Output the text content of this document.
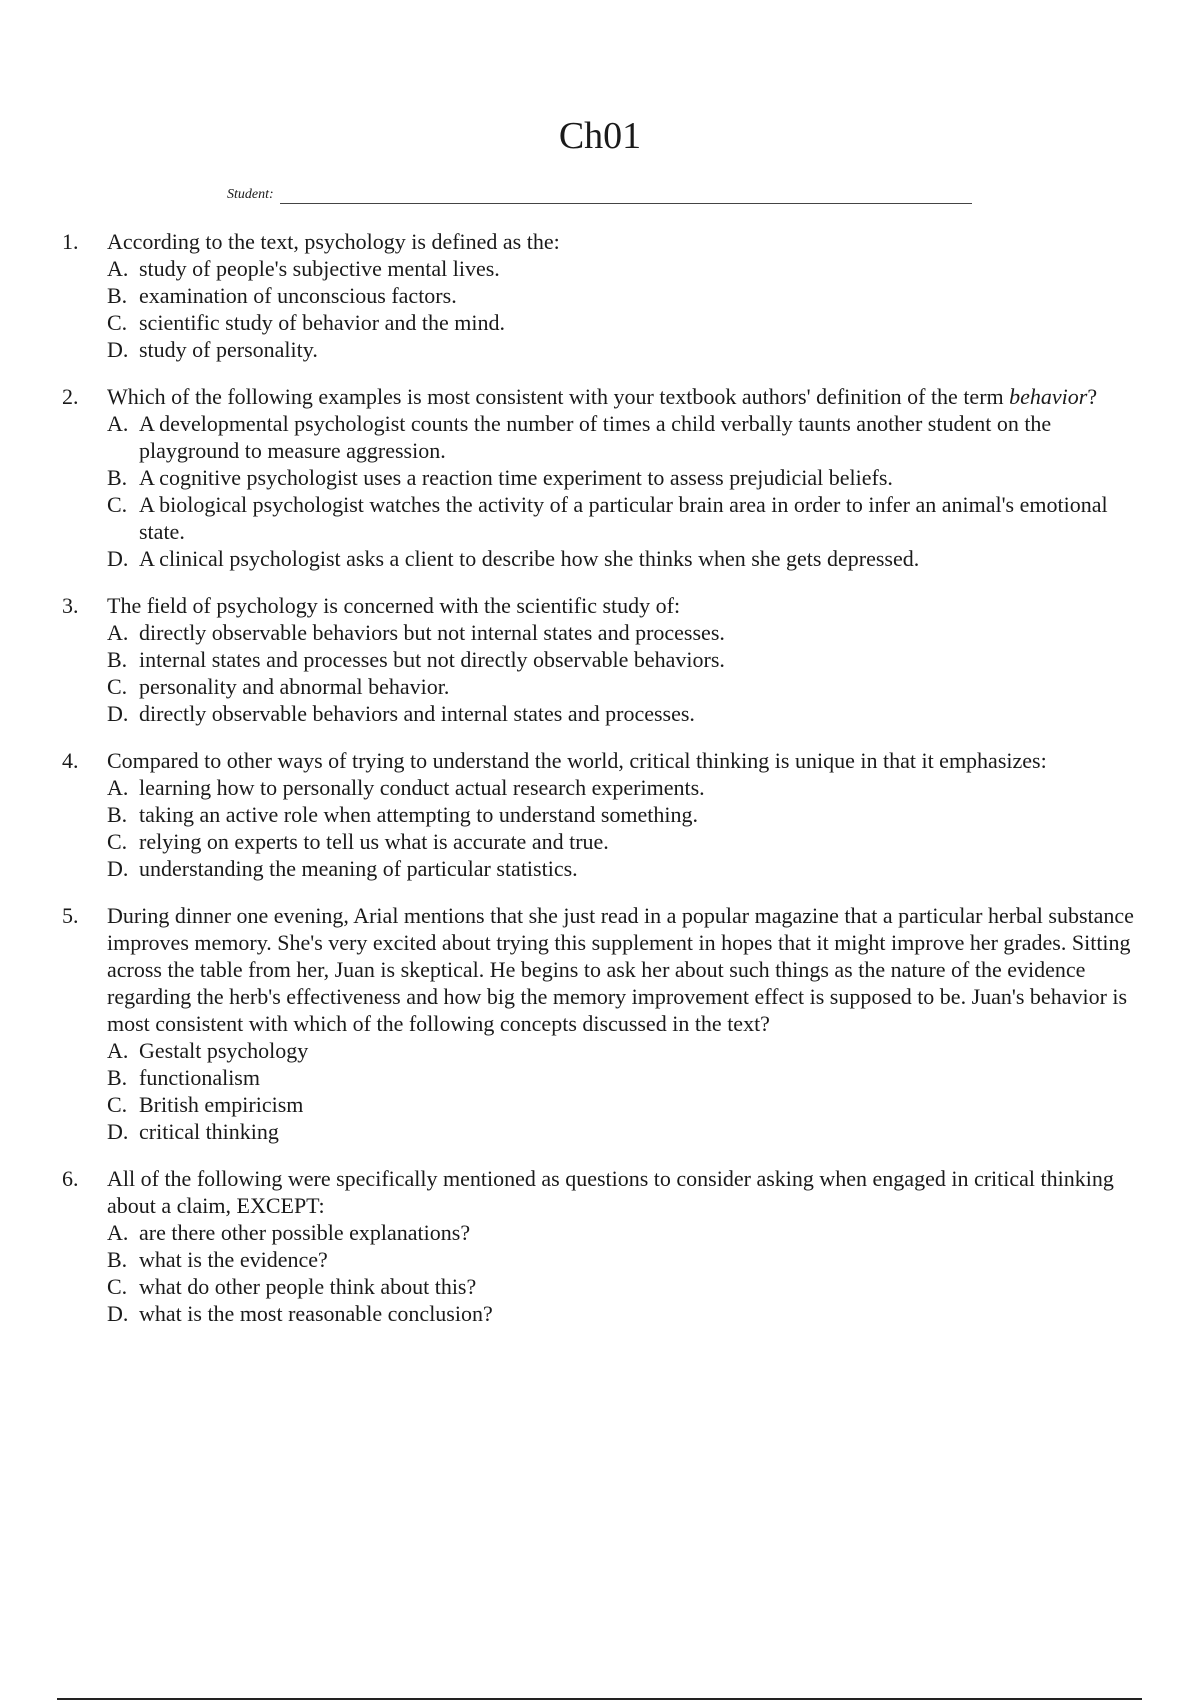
Ch01
Student:
1. According to the text, psychology is defined as the:

A. study of people's subjective mental lives.
B. examination of unconscious factors.
C. scientific study of behavior and the mind.
D. study of personality.
2. Which of the following examples is most consistent with your textbook authors' definition of the term behavior?

A. A developmental psychologist counts the number of times a child verbally taunts another student on the playground to measure aggression.
B. A cognitive psychologist uses a reaction time experiment to assess prejudicial beliefs.
C. A biological psychologist watches the activity of a particular brain area in order to infer an animal's emotional state.
D. A clinical psychologist asks a client to describe how she thinks when she gets depressed.
3. The field of psychology is concerned with the scientific study of:

A. directly observable behaviors but not internal states and processes.
B. internal states and processes but not directly observable behaviors.
C. personality and abnormal behavior.
D. directly observable behaviors and internal states and processes.
4. Compared to other ways of trying to understand the world, critical thinking is unique in that it emphasizes:

A. learning how to personally conduct actual research experiments.
B. taking an active role when attempting to understand something.
C. relying on experts to tell us what is accurate and true.
D. understanding the meaning of particular statistics.
5. During dinner one evening, Arial mentions that she just read in a popular magazine that a particular herbal substance improves memory. She's very excited about trying this supplement in hopes that it might improve her grades. Sitting across the table from her, Juan is skeptical. He begins to ask her about such things as the nature of the evidence regarding the herb's effectiveness and how big the memory improvement effect is supposed to be. Juan's behavior is most consistent with which of the following concepts discussed in the text?

A. Gestalt psychology
B. functionalism
C. British empiricism
D. critical thinking
6. All of the following were specifically mentioned as questions to consider asking when engaged in critical thinking about a claim, EXCEPT:

A. are there other possible explanations?
B. what is the evidence?
C. what do other people think about this?
D. what is the most reasonable conclusion?
